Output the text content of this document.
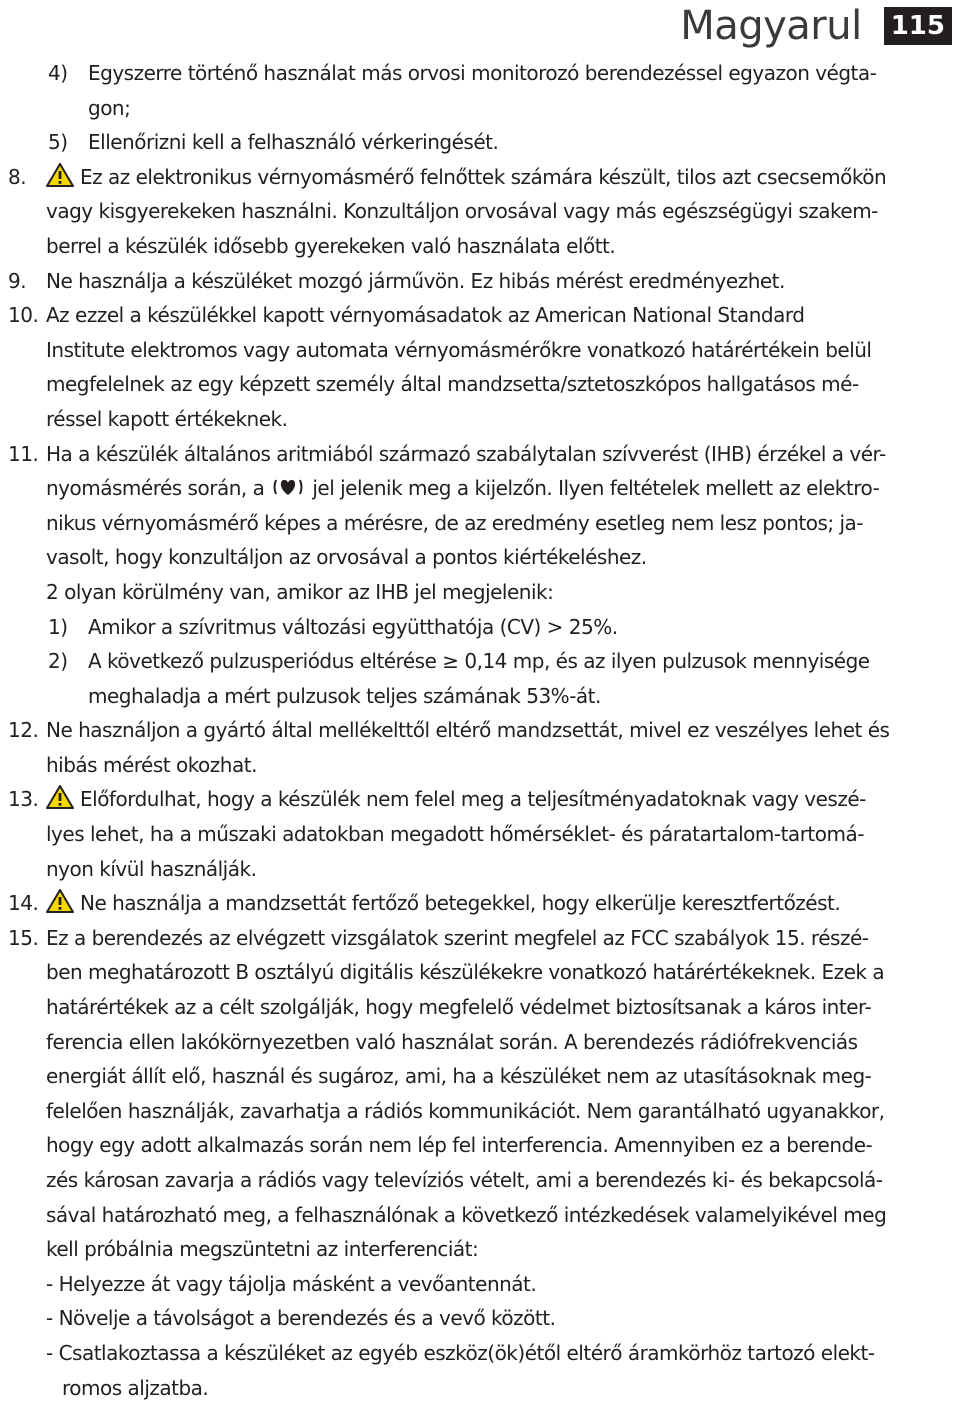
Magyarul 115
4) Egyszerre történő használat más orvosi monitorozó berendezéssel egyazon végta-
gon;
5) Ellenőrizni kell a felhasználó vérkeringését.
8.	Ez az elektronikus vérnyomásmérő felnőttek számára készült, tilos azt csecsemőkön
vagy kisgyerekeken használni. Konzultáljon orvosával vagy más egészségügyi szakem-
berrel a készülék idősebb gyerekeken való használata előtt.
9. Ne használja a készüléket mozgó járművön. Ez hibás mérést eredményezhet.
10. Az ezzel a készülékkel kapott vérnyomásadatok az American National Standard
Institute elektromos vagy automata vérnyomásmérőkre vonatkozó határértékein belül
megfelelnek az egy képzett személy által mandzsetta/sztetoszkópos hallgatásos mé-
réssel kapott értékeknek.
11. Ha a készülék általános aritmiából származó szabálytalan szívverést (IHB) érzékel a vér-
nyomásmérés során, a jel jelenik meg a kijelzőn. Ilyen feltételek mellett az elektro-
nikus vérnyomásmérő képes a mérésre, de az eredmény esetleg nem lesz pontos; ja-
vasolt, hogy konzultáljon az orvosával a pontos kiértékeléshez.
2 olyan körülmény van, amikor az IHB jel megjelenik:
1) Amikor a szívritmus változási együtthatója (CV) > 25%.
2) A következő pulzusperiódus eltérése ≥ 0,14 mp, és az ilyen pulzusok mennyisége
meghaladja a mért pulzusok teljes számának 53%-át.
12. Ne használjon a gyártó által mellékelttől eltérő mandzsettát, mivel ez veszélyes lehet és
hibás mérést okozhat.
13. Előfordulhat, hogy a készülék nem felel meg a teljesítményadatoknak vagy veszé-
lyes lehet, ha a műszaki adatokban megadott hőmérséklet- és páratartalom-tartomá-
nyon kívül használják.
14. Ne használja a mandzsettát fertőző betegekkel, hogy elkerülje keresztfertőzést.
15. Ez a berendezés az elvégzett vizsgálatok szerint megfelel az FCC szabályok 15. részé-
ben meghatározott B osztályú digitális készülékekre vonatkozó határértékeknek. Ezek a
határértékek az a célt szolgálják, hogy megfelelő védelmet biztosítsanak a káros inter-
ferencia ellen lakókörnyezetben való használat során. A berendezés rádiófrekvenciás
energiát állít elő, használ és sugároz, ami, ha a készüléket nem az utasításoknak meg-
felelően használják, zavarhatja a rádiós kommunikációt. Nem garantálható ugyanakkor,
hogy egy adott alkalmazás során nem lép fel interferencia. Amennyiben ez a berende-
zés károsan zavarja a rádiós vagy televíziós vételt, ami a berendezés ki- és bekapcsolá-
sával határozható meg, a felhasználónak a következő intézkedések valamelyikével meg
kell próbálnia megszüntetni az interferenciát:
- Helyezze át vagy tájolja másként a vevőantennát.
- Növelje a távolságot a berendezés és a vevő között.
- Csatlakoztassa a készüléket az egyéb eszköz(ök)étől eltérő áramkörhöz tartozó elekt-
romos aljzatba.
